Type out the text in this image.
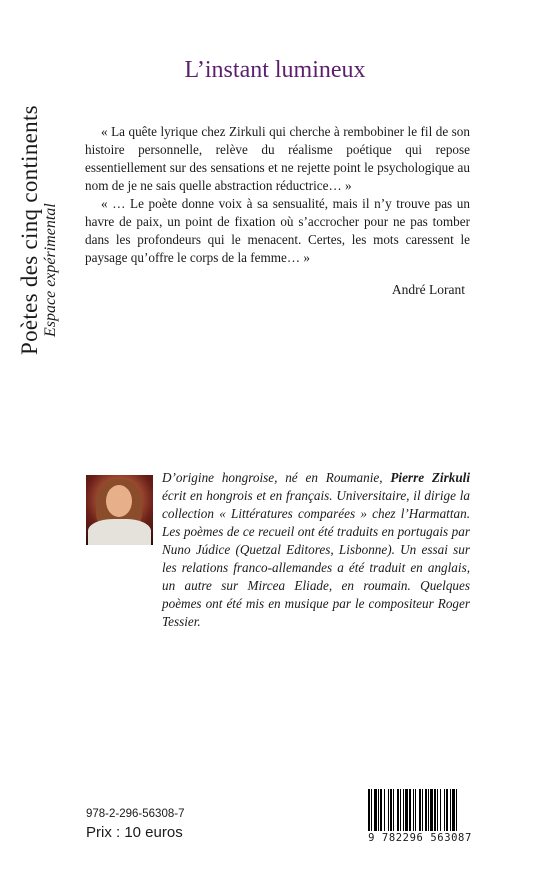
Poètes des cinq continents Espace expérimental
L’instant lumineux

« La quête lyrique chez Zirkuli qui cherche à rembobiner le fil de son histoire personnelle, relève du réalisme poétique qui repose essentiellement sur des sensations et ne rejette point le psychologique au nom de je ne sais quelle abstraction réductrice… »

« … Le poète donne voix à sa sensualité, mais il n’y trouve pas un havre de paix, un point de fixation où s’accrocher pour ne pas tomber dans les profondeurs qui le menacent. Certes, les mots caressent le paysage qu’offre le corps de la femme… »

André Lorant

D’origine hongroise, né en Roumanie, Pierre Zirkuli écrit en hongrois et en français. Universitaire, il dirige la collection « Littératures comparées » chez l’Harmattan. Les poèmes de ce recueil ont été traduits en portugais par Nuno Júdice (Quetzal Editores, Lisbonne). Un essai sur les relations franco-allemandes a été traduit en anglais, un autre sur Mircea Eliade, en roumain. Quelques poèmes ont été mis en musique par le compositeur Roger Tessier.

978-2-296-56308-7
Prix : 10 euros	9 782296 563087
